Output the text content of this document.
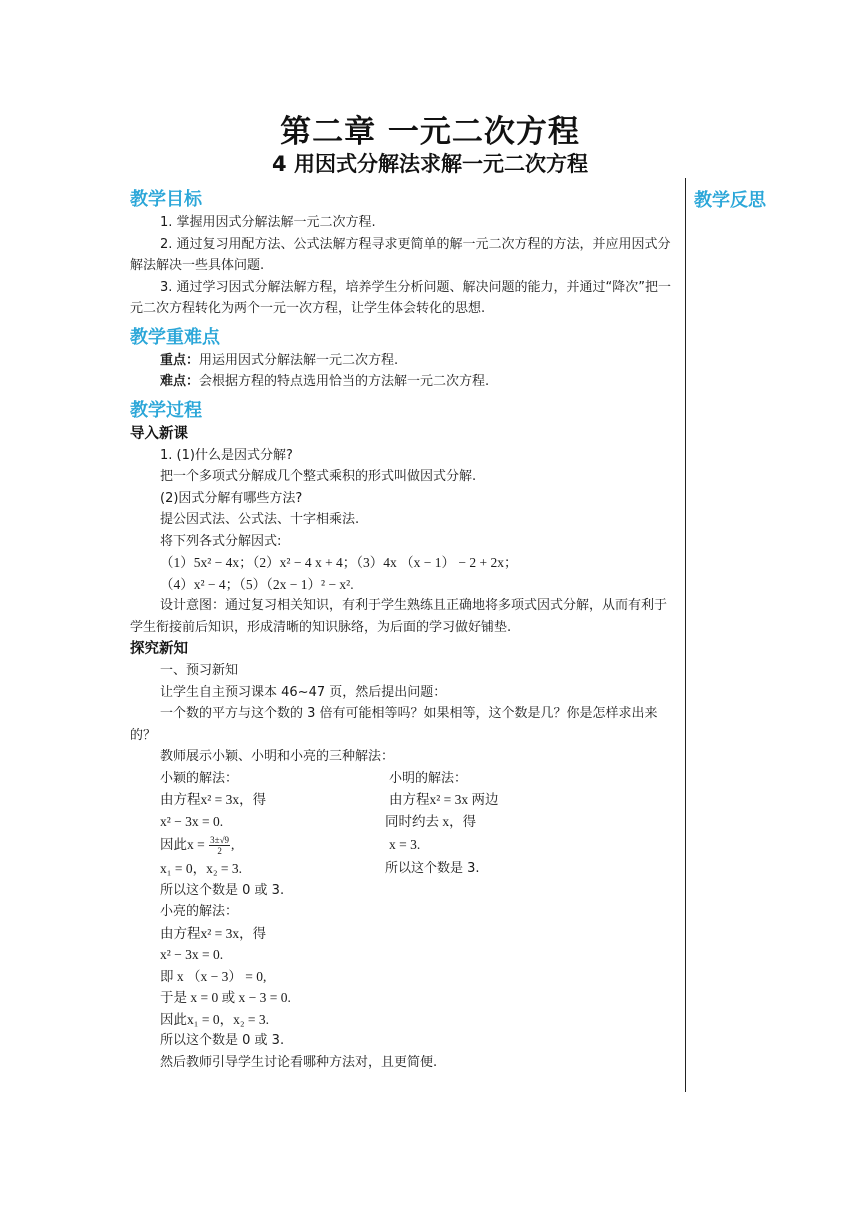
第二章 一元二次方程
4 用因式分解法求解一元二次方程
教学反思
教学目标
1. 掌握用因式分解法解一元二次方程.
2. 通过复习用配方法、公式法解方程寻求更简单的解一元二次方程的方法，并应用因式分解法解决一些具体问题.
3. 通过学习因式分解法解方程，培养学生分析问题、解决问题的能力，并通过“降次”把一元二次方程转化为两个一元一次方程，让学生体会转化的思想.
教学重难点
重点：用运用因式分解法解一元二次方程.
难点：会根据方程的特点选用恰当的方法解一元二次方程.
教学过程
导入新课
1. (1)什么是因式分解?
把一个多项式分解成几个整式乘积的形式叫做因式分解.
(2)因式分解有哪些方法?
提公因式法、公式法、十字相乘法.
将下列各式分解因式:
（1）5x² − 4x；（2）x² − 4 x + 4；（3）4x （x − 1） − 2 + 2x；
（4）x² − 4；（5）（2x − 1）² − x².
设计意图：通过复习相关知识，有利于学生熟练且正确地将多项式因式分解，从而有利于学生衔接前后知识，形成清晰的知识脉络，为后面的学习做好铺垫.
探究新知
一、预习新知
让学生自主预习课本 46~47 页，然后提出问题：
一个数的平方与这个数的 3 倍有可能相等吗？如果相等，这个数是几？你是怎样求出来的？
教师展示小颖、小明和小亮的三种解法：
小颖的解法：
由方程x² = 3x，得
x² − 3x = 0.
因此$x = \frac{3\pm√9}{2}$ ,
x₁ = 0，x₂ = 3.
所以这个数是 0 或 3.
小明的解法：
由方程x² = 3x 两边
同时约去 x，得
x = 3.
所以这个数是 3.
小亮的解法：
由方程x² = 3x，得
x² − 3x = 0.
即 x （x − 3） = 0,
于是 x = 0 或 x − 3 = 0.
因此x₁ = 0，x₂ = 3.
所以这个数是 0 或 3.
然后教师引导学生讨论看哪种方法对，且更简便.
